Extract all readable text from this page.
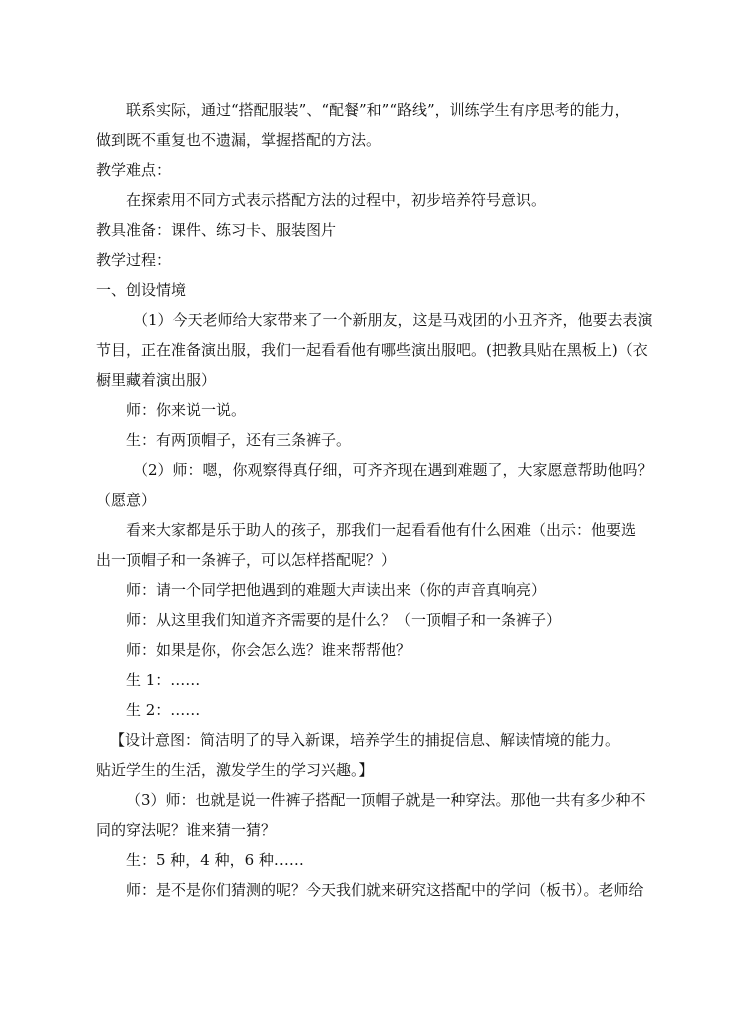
联系实际，通过“搭配服装”、“配餐”和”“路线”，训练学生有序思考的能力，

做到既不重复也不遗漏，掌握搭配的方法。

教学难点：

在探索用不同方式表示搭配方法的过程中，初步培养符号意识。

教具准备：课件、练习卡、服装图片

教学过程：

一、创设情境

（1）今天老师给大家带来了一个新朋友，这是马戏团的小丑齐齐，他要去表演

节目，正在准备演出服，我们一起看看他有哪些演出服吧。(把教具贴在黑板上)（衣

橱里藏着演出服）

师：你来说一说。

生：有两顶帽子，还有三条裤子。

（2）师：嗯，你观察得真仔细，可齐齐现在遇到难题了，大家愿意帮助他吗？

（愿意）

看来大家都是乐于助人的孩子，那我们一起看看他有什么困难（出示：他要选

出一顶帽子和一条裤子，可以怎样搭配呢？）

师：请一个同学把他遇到的难题大声读出来（你的声音真响亮）

师：从这里我们知道齐齐需要的是什么？（一顶帽子和一条裤子）

师：如果是你，你会怎么选？谁来帮帮他？

生 1：……

生 2：……

【设计意图：简洁明了的导入新课，培养学生的捕捉信息、解读情境的能力。

贴近学生的生活，激发学生的学习兴趣。】

（3）师：也就是说一件裤子搭配一顶帽子就是一种穿法。那他一共有多少种不

同的穿法呢？谁来猜一猜？

生：5 种，4 种，6 种……

师：是不是你们猜测的呢？今天我们就来研究这搭配中的学问（板书）。老师给
